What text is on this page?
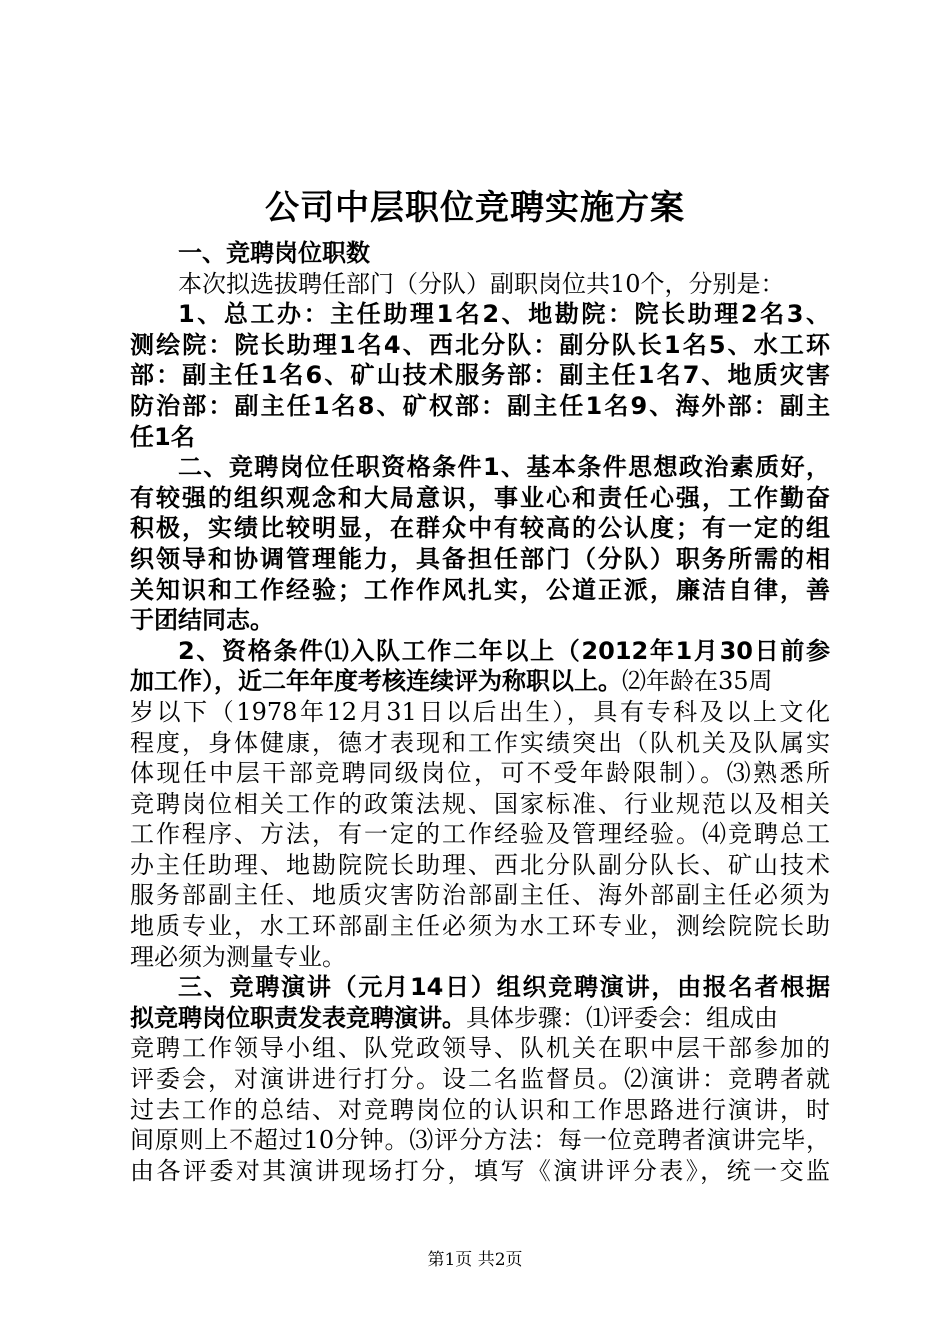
公司中层职位竞聘实施方案
一、竞聘岗位职数
本次拟选拔聘任部门（分队）副职岗位共10个，分别是：
1、总工办：主任助理1名2、地勘院：院长助理2名3、
测绘院：院长助理1名4、西北分队：副分队长1名5、水工环
部：副主任1名6、矿山技术服务部：副主任1名7、地质灾害
防治部：副主任1名8、矿权部：副主任1名9、海外部：副主
任1名
二、竞聘岗位任职资格条件1、基本条件思想政治素质好，
有较强的组织观念和大局意识，事业心和责任心强，工作勤奋
积极，实绩比较明显，在群众中有较高的公认度；有一定的组
织领导和协调管理能力，具备担任部门（分队）职务所需的相
关知识和工作经验；工作作风扎实，公道正派，廉洁自律，善
于团结同志。
2、资格条件⑴入队工作二年以上（2012年1月30日前参
加工作），近二年年度考核连续评为称职以上。⑵年龄在35周
岁以下（1978年12月31日以后出生），具有专科及以上文化
程度，身体健康，德才表现和工作实绩突出（队机关及队属实
体现任中层干部竞聘同级岗位，可不受年龄限制）。⑶熟悉所
竞聘岗位相关工作的政策法规、国家标准、行业规范以及相关
工作程序、方法，有一定的工作经验及管理经验。⑷竞聘总工
办主任助理、地勘院院长助理、西北分队副分队长、矿山技术
服务部副主任、地质灾害防治部副主任、海外部副主任必须为
地质专业，水工环部副主任必须为水工环专业，测绘院院长助
理必须为测量专业。
三、竞聘演讲（元月14日）组织竞聘演讲，由报名者根据
拟竞聘岗位职责发表竞聘演讲。具体步骤：⑴评委会：组成由
竞聘工作领导小组、队党政领导、队机关在职中层干部参加的
评委会，对演讲进行打分。设二名监督员。⑵演讲：竞聘者就
过去工作的总结、对竞聘岗位的认识和工作思路进行演讲，时
间原则上不超过10分钟。⑶评分方法：每一位竞聘者演讲完毕，
由各评委对其演讲现场打分，填写《演讲评分表》，统一交监
第1页 共2页
